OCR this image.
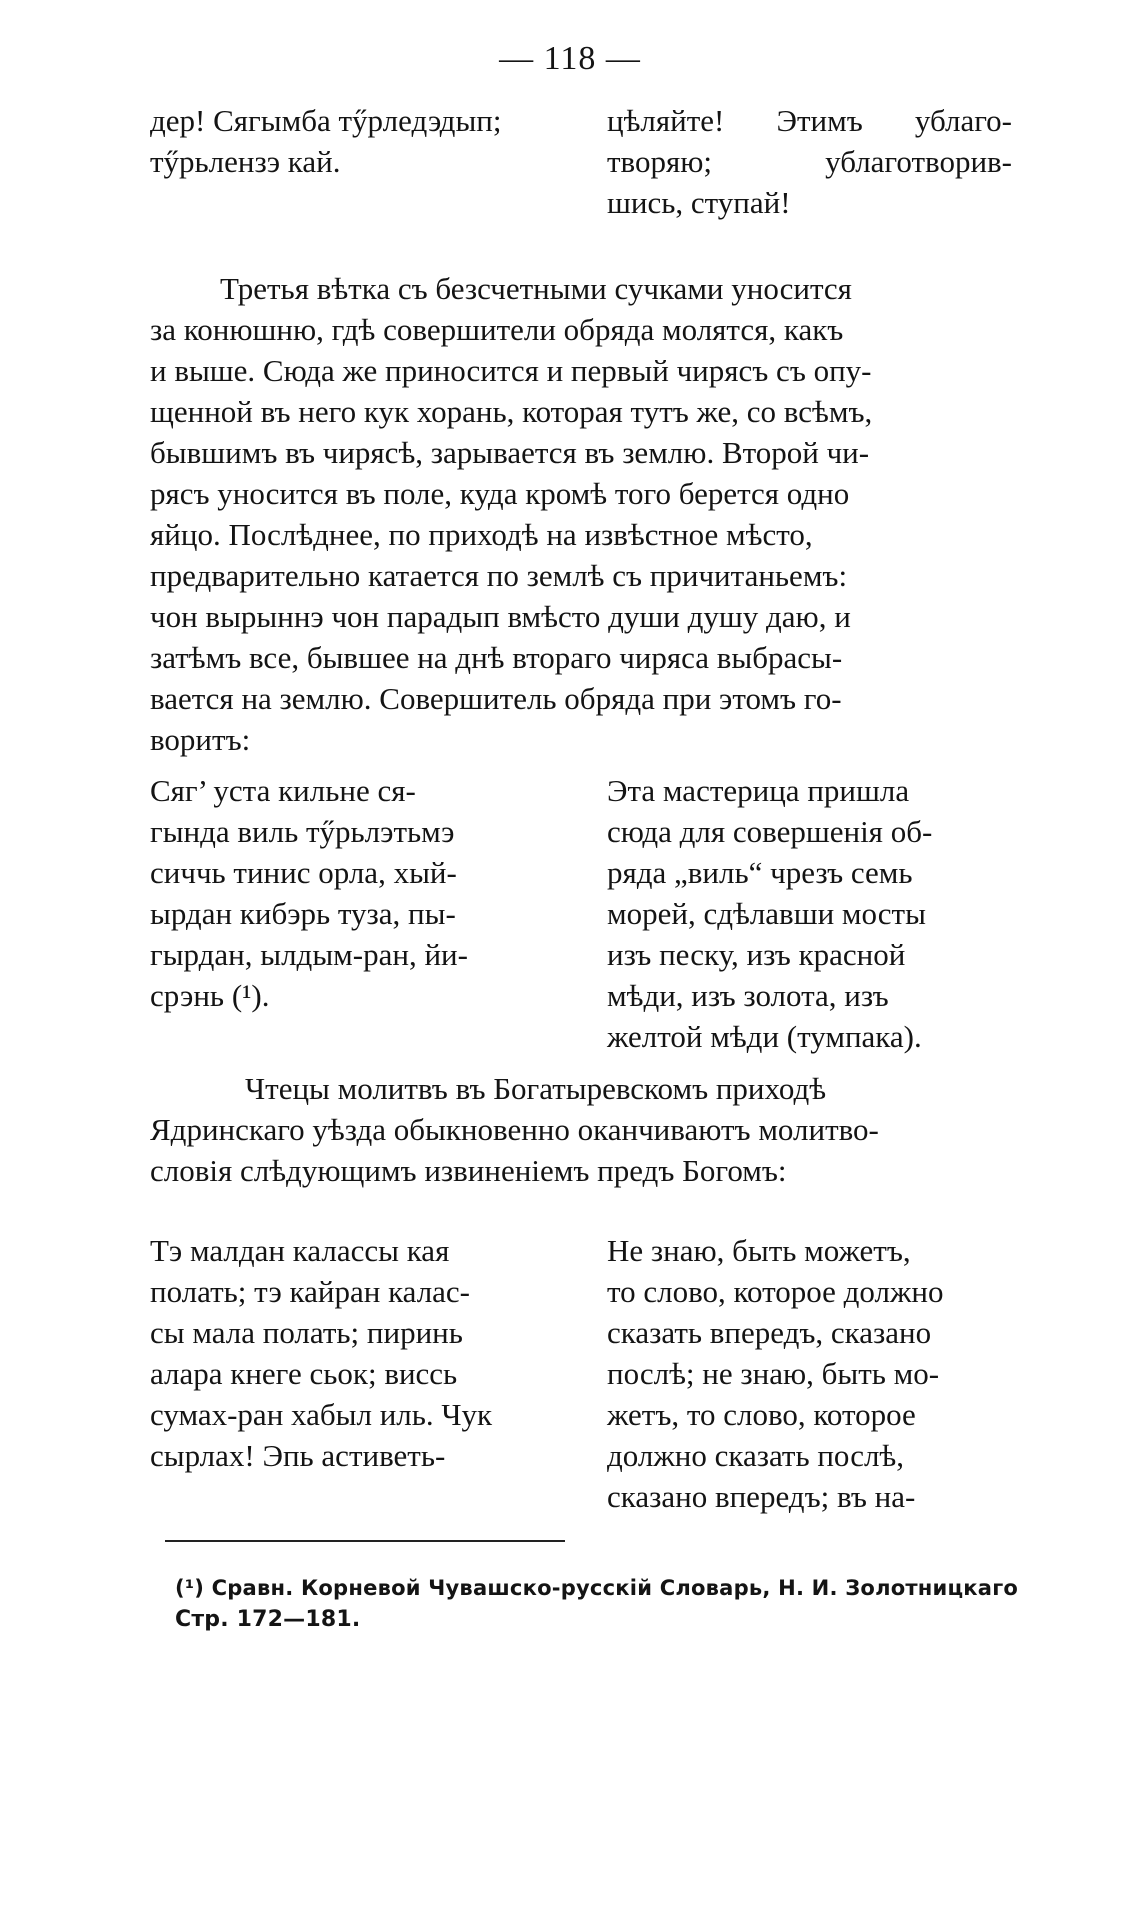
— 118 —
дер! Сягымба тӳрледэдып;
тӳрьлензэ кай.
цѣляйте! Этимъ ублаго-
творяю; ублаготворив-
шись, ступай!
Третья вѣтка съ безсчетными сучками уносится
за конюшню, гдѣ совершители обряда молятся, какъ
и выше. Сюда же приносится и первый чирясъ съ опу-
щенной въ него кук хорань, которая тутъ же, со всѣмъ,
бывшимъ въ чирясѣ, зарывается въ землю. Второй чи-
рясъ уносится въ поле, куда кромѣ того берется одно
яйцо. Послѣднее, по приходѣ на извѣстное мѣсто,
предварительно катается по землѣ съ причитаньемъ:
чон вырыннэ чон парадып вмѣсто души душу даю, и
затѣмъ все, бывшее на днѣ втораго чиряса выбрасы-
вается на землю. Совершитель обряда при этомъ го-
воритъ:
Сяг’ уста кильне ся-
гында виль тӳрьлэтьмэ
сиччь тинис орла, хый-
ырдан кибэрь туза, пы-
гырдан, ылдым-ран, йи-
срэнь (¹).
Эта мастерица пришла
сюда для совершенія об-
ряда „виль“ чрезъ семь
морей, сдѣлавши мосты
изъ песку, изъ красной
мѣди, изъ золота, изъ
желтой мѣди (тумпака).
Чтецы молитвъ въ Богатыревскомъ приходѣ
Ядринскаго уѣзда обыкновенно оканчиваютъ молитво-
словія слѣдующимъ извиненіемъ предъ Богомъ:
Тэ малдан калассы кая
полать; тэ кайран калас-
сы мала полать; пиринь
алара кнеге сьок; виссь
сумах-ран хабыл иль. Чук
сырлах! Эпь астиветь-
Не знаю, быть можетъ,
то слово, которое должно
сказать впередъ, сказано
послѣ; не знаю, быть мо-
жетъ, то слово, которое
должно сказать послѣ,
сказано впередъ; въ на-
(¹) Сравн. Корневой Чувашско-русскій Словарь, Н. И. Золотницкаго
Стр. 172—181.
